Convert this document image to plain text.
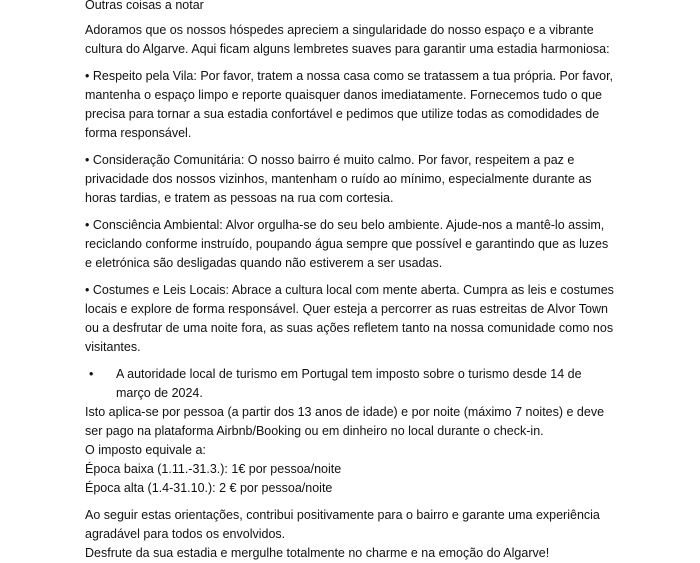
Outras coisas a notar
Adoramos que os nossos hóspedes apreciem a singularidade do nosso espaço e a vibrante cultura do Algarve. Aqui ficam alguns lembretes suaves para garantir uma estadia harmoniosa:
• Respeito pela Vila: Por favor, tratem a nossa casa como se tratassem a tua própria. Por favor, mantenha o espaço limpo e reporte quaisquer danos imediatamente. Fornecemos tudo o que precisa para tornar a sua estadia confortável e pedimos que utilize todas as comodidades de forma responsável.
• Consideração Comunitária: O nosso bairro é muito calmo. Por favor, respeitem a paz e privacidade dos nossos vizinhos, mantenham o ruído ao mínimo, especialmente durante as horas tardias, e tratem as pessoas na rua com cortesia.
• Consciência Ambiental: Alvor orgulha-se do seu belo ambiente. Ajude-nos a mantê-lo assim, reciclando conforme instruído, poupando água sempre que possível e garantindo que as luzes e eletrónica são desligadas quando não estiverem a ser usadas.
• Costumes e Leis Locais: Abrace a cultura local com mente aberta. Cumpra as leis e costumes locais e explore de forma responsável. Quer esteja a percorrer as ruas estreitas de Alvor Town ou a desfrutar de uma noite fora, as suas ações refletem tanto na nossa comunidade como nos visitantes.
•	A autoridade local de turismo em Portugal tem imposto sobre o turismo desde 14 de março de 2024.
Isto aplica-se por pessoa (a partir dos 13 anos de idade) e por noite (máximo 7 noites) e deve ser pago na plataforma Airbnb/Booking ou em dinheiro no local durante o check-in.
O imposto equivale a:
Época baixa (1.11.-31.3.): 1€ por pessoa/noite
Época alta (1.4-31.10.): 2 € por pessoa/noite
Ao seguir estas orientações, contribui positivamente para o bairro e garante uma experiência agradável para todos os envolvidos.
Desfrute da sua estadia e mergulhe totalmente no charme e na emoção do Algarve!
